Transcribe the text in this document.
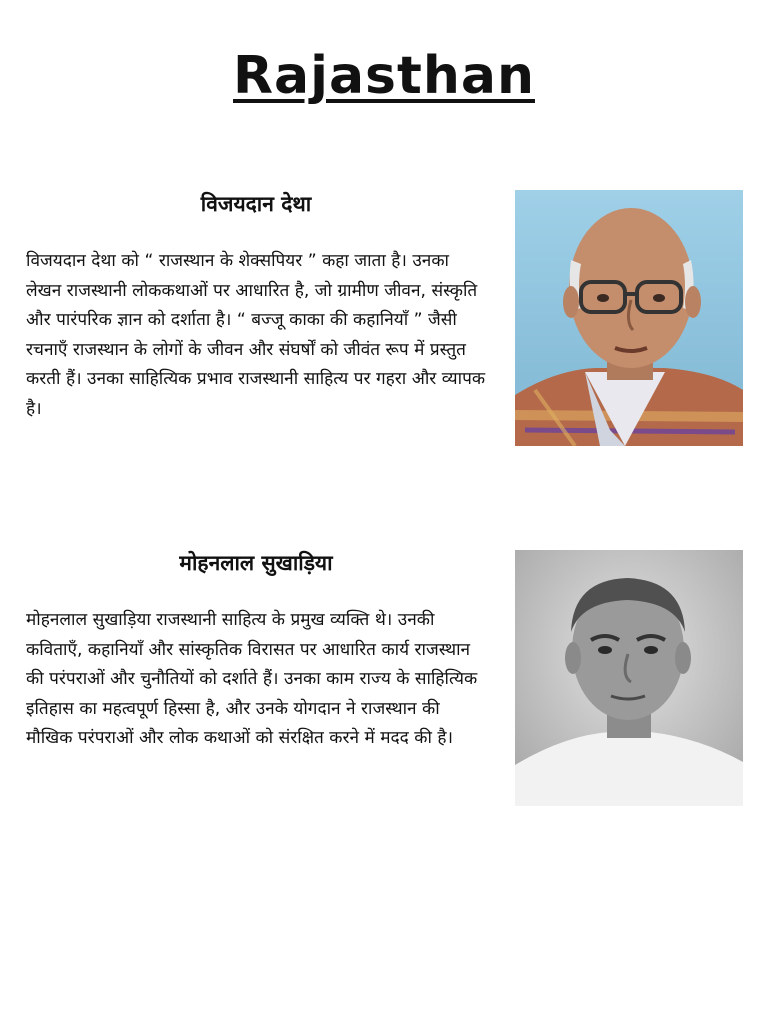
Rajasthan
विजयदान देथा
विजयदान देथा को “ राजस्थान के शेक्सपियर ” कहा जाता है। उनका लेखन राजस्थानी लोककथाओं पर आधारित है, जो ग्रामीण जीवन, संस्कृति और पारंपरिक ज्ञान को दर्शाता है। “ बज्जू काका की कहानियाँ ” जैसी रचनाएँ राजस्थान के लोगों के जीवन और संघर्षों को जीवंत रूप में प्रस्तुत करती हैं। उनका साहित्यिक प्रभाव राजस्थानी साहित्य पर गहरा और व्यापक है।
मोहनलाल सुखाड़िया
मोहनलाल सुखाड़िया राजस्थानी साहित्य के प्रमुख व्यक्ति थे। उनकी कविताएँ, कहानियाँ और सांस्कृतिक विरासत पर आधारित कार्य राजस्थान की परंपराओं और चुनौतियों को दर्शाते हैं। उनका काम राज्य के साहित्यिक इतिहास का महत्वपूर्ण हिस्सा है, और उनके योगदान ने राजस्थान की मौखिक परंपराओं और लोक कथाओं को संरक्षित करने में मदद की है।
